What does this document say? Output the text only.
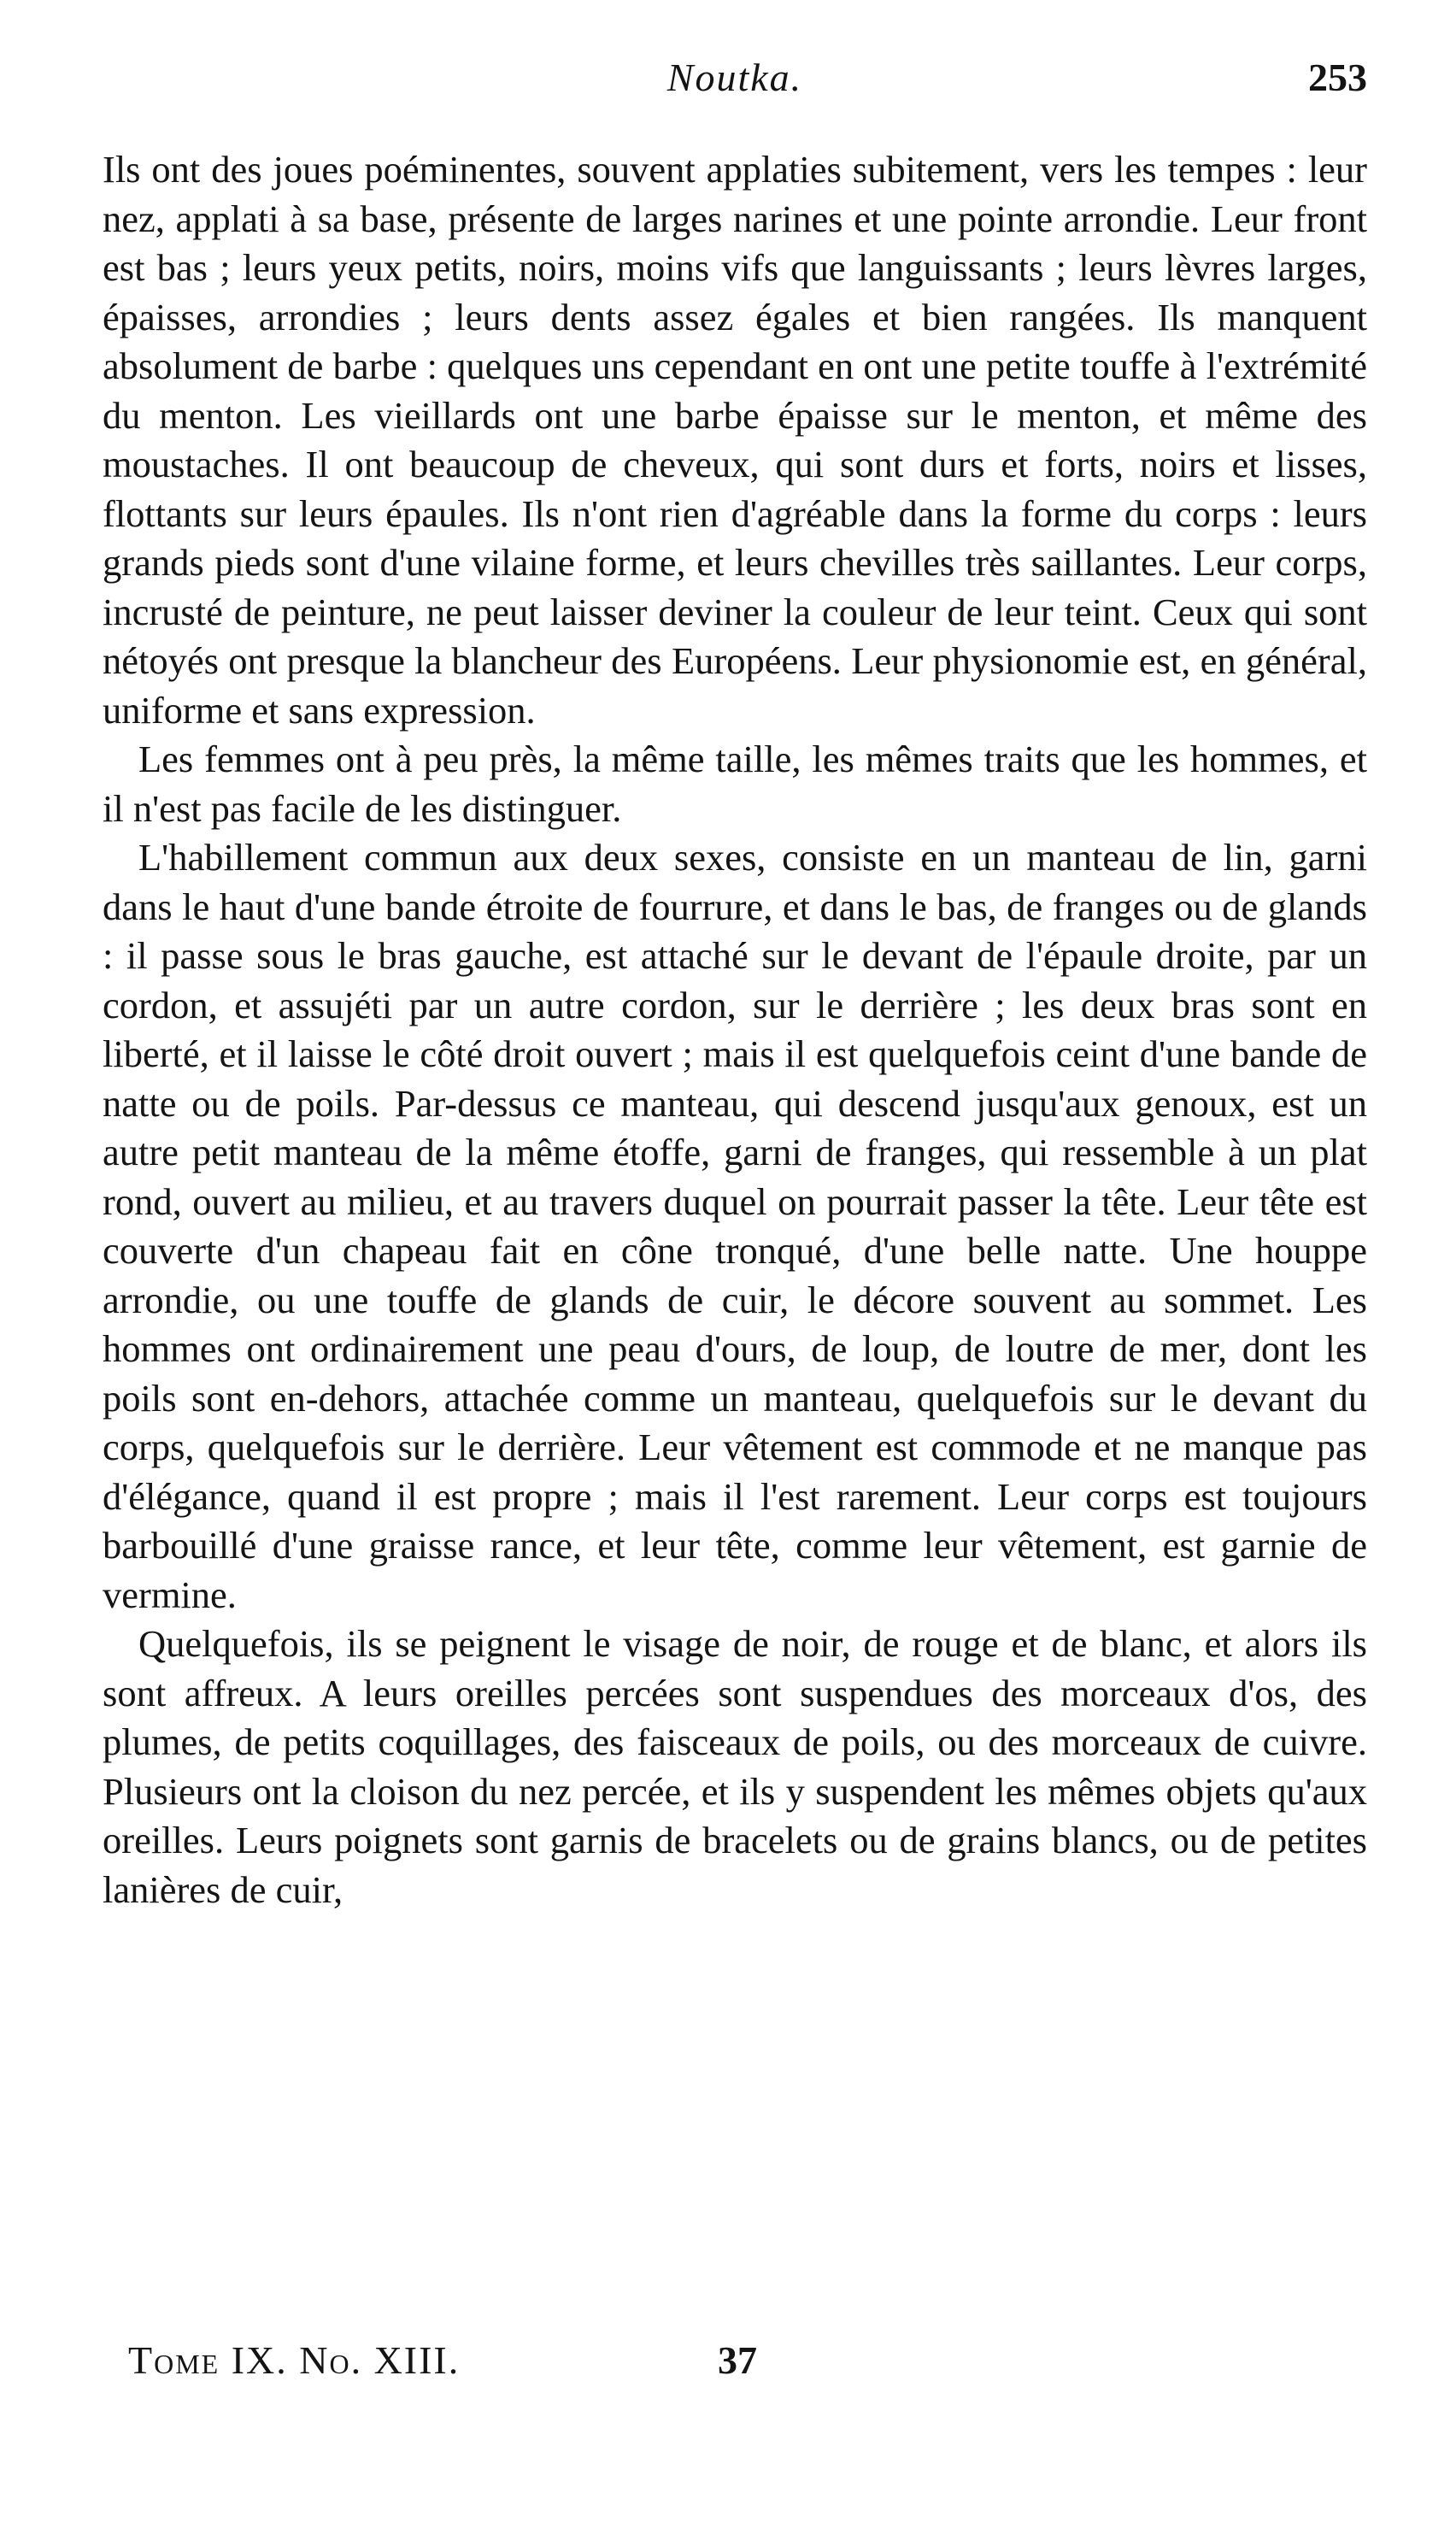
Noutka.	253

Ils ont des joues poéminentes, souvent applaties subitement, vers les tempes : leur nez, applati à sa base, présente de larges narines et une pointe arrondie. Leur front est bas ; leurs yeux petits, noirs, moins vifs que languissants ; leurs lèvres larges, épaisses, arrondies ; leurs dents assez égales et bien rangées. Ils manquent absolument de barbe : quelques uns cependant en ont une petite touffe à l'extrémité du menton. Les vieillards ont une barbe épaisse sur le menton, et même des moustaches. Il ont beaucoup de cheveux, qui sont durs et forts, noirs et lisses, flottants sur leurs épaules. Ils n'ont rien d'agréable dans la forme du corps : leurs grands pieds sont d'une vilaine forme, et leurs chevilles très saillantes. Leur corps, incrusté de peinture, ne peut laisser deviner la couleur de leur teint. Ceux qui sont nétoyés ont presque la blancheur des Européens. Leur physionomie est, en général, uniforme et sans expression.

Les femmes ont à peu près, la même taille, les mêmes traits que les hommes, et il n'est pas facile de les distinguer.

L'habillement commun aux deux sexes, consiste en un manteau de lin, garni dans le haut d'une bande étroite de fourrure, et dans le bas, de franges ou de glands : il passe sous le bras gauche, est attaché sur le devant de l'épaule droite, par un cordon, et assujéti par un autre cordon, sur le derrière ; les deux bras sont en liberté, et il laisse le côté droit ouvert ; mais il est quelquefois ceint d'une bande de natte ou de poils. Par-dessus ce manteau, qui descend jusqu'aux genoux, est un autre petit manteau de la même étoffe, garni de franges, qui ressemble à un plat rond, ouvert au milieu, et au travers duquel on pourrait passer la tête. Leur tête est couverte d'un chapeau fait en cône tronqué, d'une belle natte. Une houppe arrondie, ou une touffe de glands de cuir, le décore souvent au sommet. Les hommes ont ordinairement une peau d'ours, de loup, de loutre de mer, dont les poils sont en-dehors, attachée comme un manteau, quelquefois sur le devant du corps, quelquefois sur le derrière. Leur vêtement est commode et ne manque pas d'élégance, quand il est propre ; mais il l'est rarement. Leur corps est toujours barbouillé d'une graisse rance, et leur tête, comme leur vêtement, est garnie de vermine.

Quelquefois, ils se peignent le visage de noir, de rouge et de blanc, et alors ils sont affreux. A leurs oreilles percées sont suspendues des morceaux d'os, des plumes, de petits coquillages, des faisceaux de poils, ou des morceaux de cuivre. Plusieurs ont la cloison du nez percée, et ils y suspendent les mêmes objets qu'aux oreilles. Leurs poignets sont garnis de bracelets ou de grains blancs, ou de petites lanières de cuir,

Tome IX. No. XIII.	37
